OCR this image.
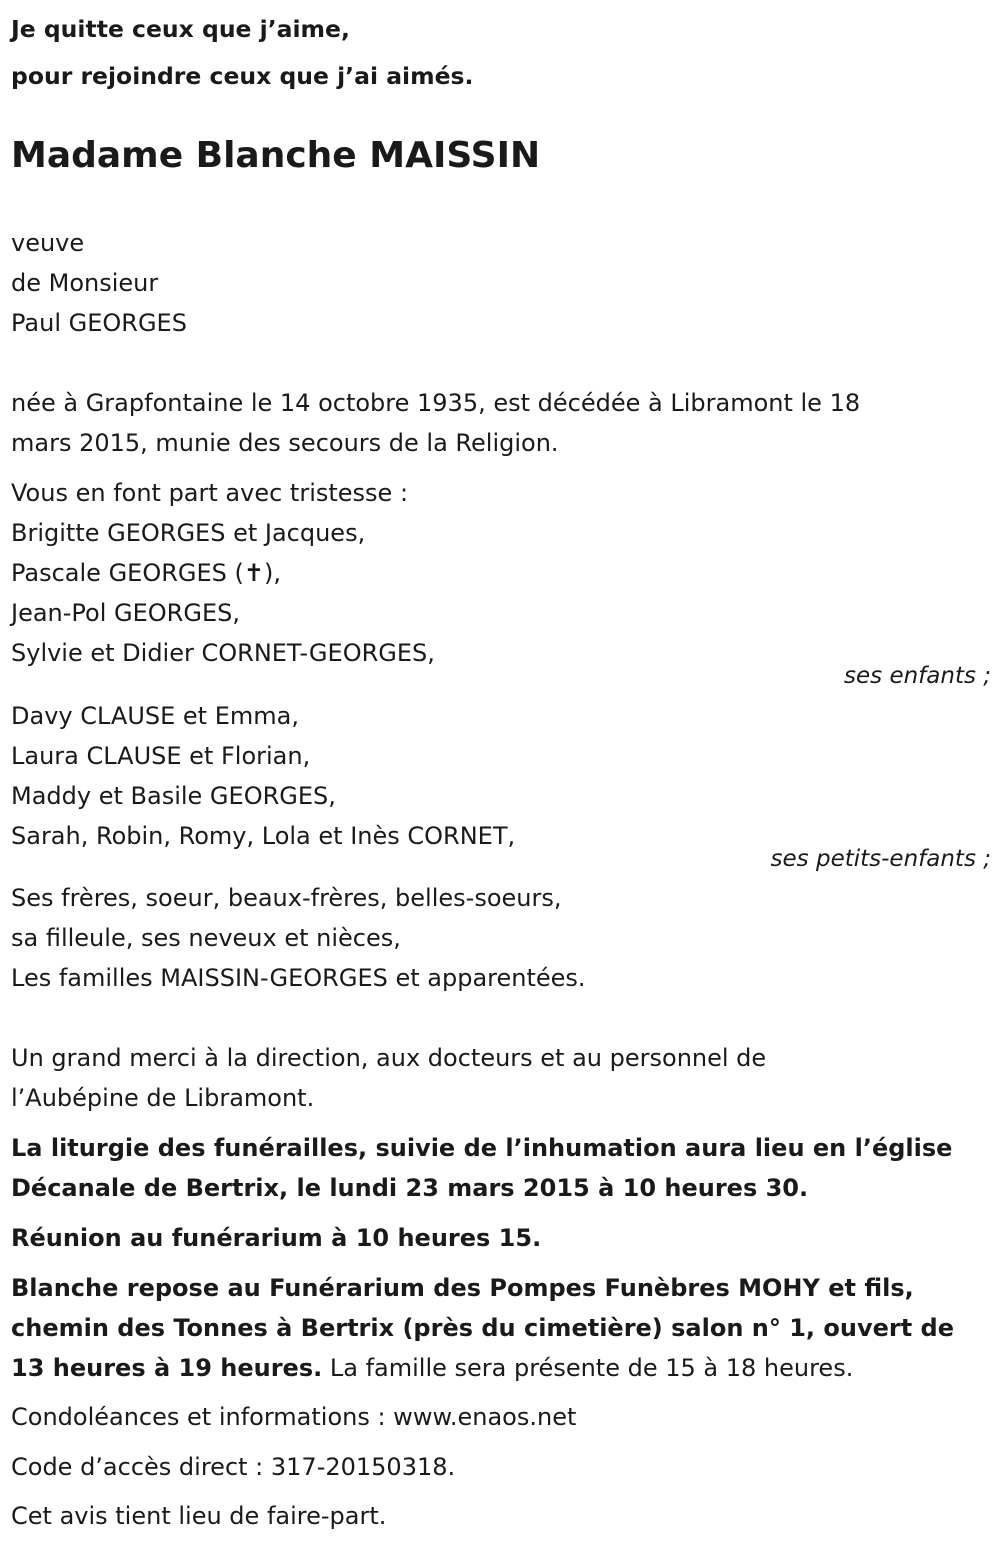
Je quitte ceux que j’aime,
pour rejoindre ceux que j’ai aimés.
Madame Blanche MAISSIN
veuve
de Monsieur
Paul GEORGES
née à Grapfontaine le 14 octobre 1935, est décédée à Libramont le 18
mars 2015, munie des secours de la Religion.
Vous en font part avec tristesse :
Brigitte GEORGES et Jacques,
Pascale GEORGES (✝),
Jean-Pol GEORGES,
Sylvie et Didier CORNET-GEORGES,
ses enfants ;
Davy CLAUSE et Emma,
Laura CLAUSE et Florian,
Maddy et Basile GEORGES,
Sarah, Robin, Romy, Lola et Inès CORNET,
ses petits-enfants ;
Ses frères, soeur, beaux-frères, belles-soeurs,
sa filleule, ses neveux et nièces,
Les familles MAISSIN-GEORGES et apparentées.
Un grand merci à la direction, aux docteurs et au personnel de
l’Aubépine de Libramont.
La liturgie des funérailles, suivie de l’inhumation aura lieu en l’église
Décanale de Bertrix, le lundi 23 mars 2015 à 10 heures 30.
Réunion au funérarium à 10 heures 15.
Blanche repose au Funérarium des Pompes Funèbres MOHY et fils,
chemin des Tonnes à Bertrix (près du cimetière) salon n° 1, ouvert de
13 heures à 19 heures. La famille sera présente de 15 à 18 heures.
Condoléances et informations : www.enaos.net
Code d’accès direct : 317-20150318.
Cet avis tient lieu de faire-part.
